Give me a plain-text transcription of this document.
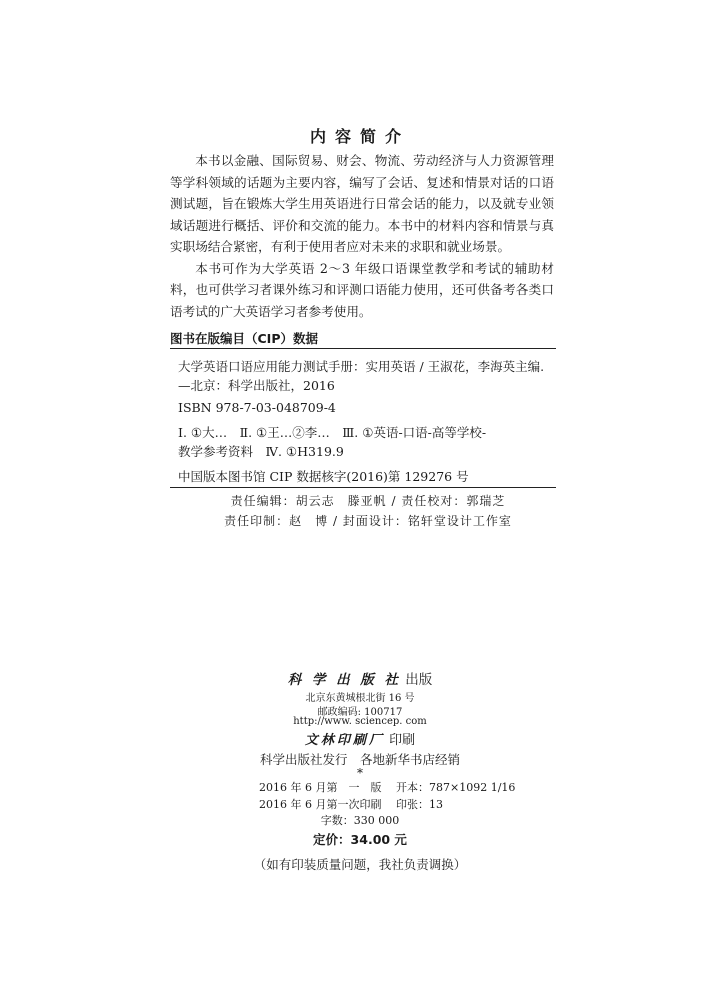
内容简介

本书以金融、国际贸易、财会、物流、劳动经济与人力资源管理等学科领域的话题为主要内容，编写了会话、复述和情景对话的口语测试题，旨在锻炼大学生用英语进行日常会话的能力，以及就专业领域话题进行概括、评价和交流的能力。本书中的材料内容和情景与真实职场结合紧密，有利于使用者应对未来的求职和就业场景。

本书可作为大学英语 2～3 年级口语课堂教学和考试的辅助材料，也可供学习者课外练习和评测口语能力使用，还可供备考各类口语考试的广大英语学习者参考使用。

图书在版编目（CIP）数据
大学英语口语应用能力测试手册：实用英语 / 王淑花，李海英主编.
—北京：科学出版社，2016
ISBN 978-7-03-048709-4
Ⅰ. ①大…　Ⅱ. ①王…②李…　Ⅲ. ①英语-口语-高等学校-
教学参考资料　Ⅳ. ①H319.9
中国版本图书馆 CIP 数据核字(2016)第 129276 号
责任编辑：胡云志　滕亚帆 / 责任校对：郭瑞芝
责任印制：赵　博 / 封面设计：铭轩堂设计工作室
科 学 出 版 社 出版
北京东黄城根北街 16 号
邮政编码: 100717
http://www. sciencep. com
文林印刷厂 印刷
科学出版社发行　各地新华书店经销
*
2016 年 6 月第　一　版 开本：787×1092 1/16
2016 年 6 月第一次印刷 印张：13
字数：330 000
定价：34.00 元
（如有印装质量问题，我社负责调换）
